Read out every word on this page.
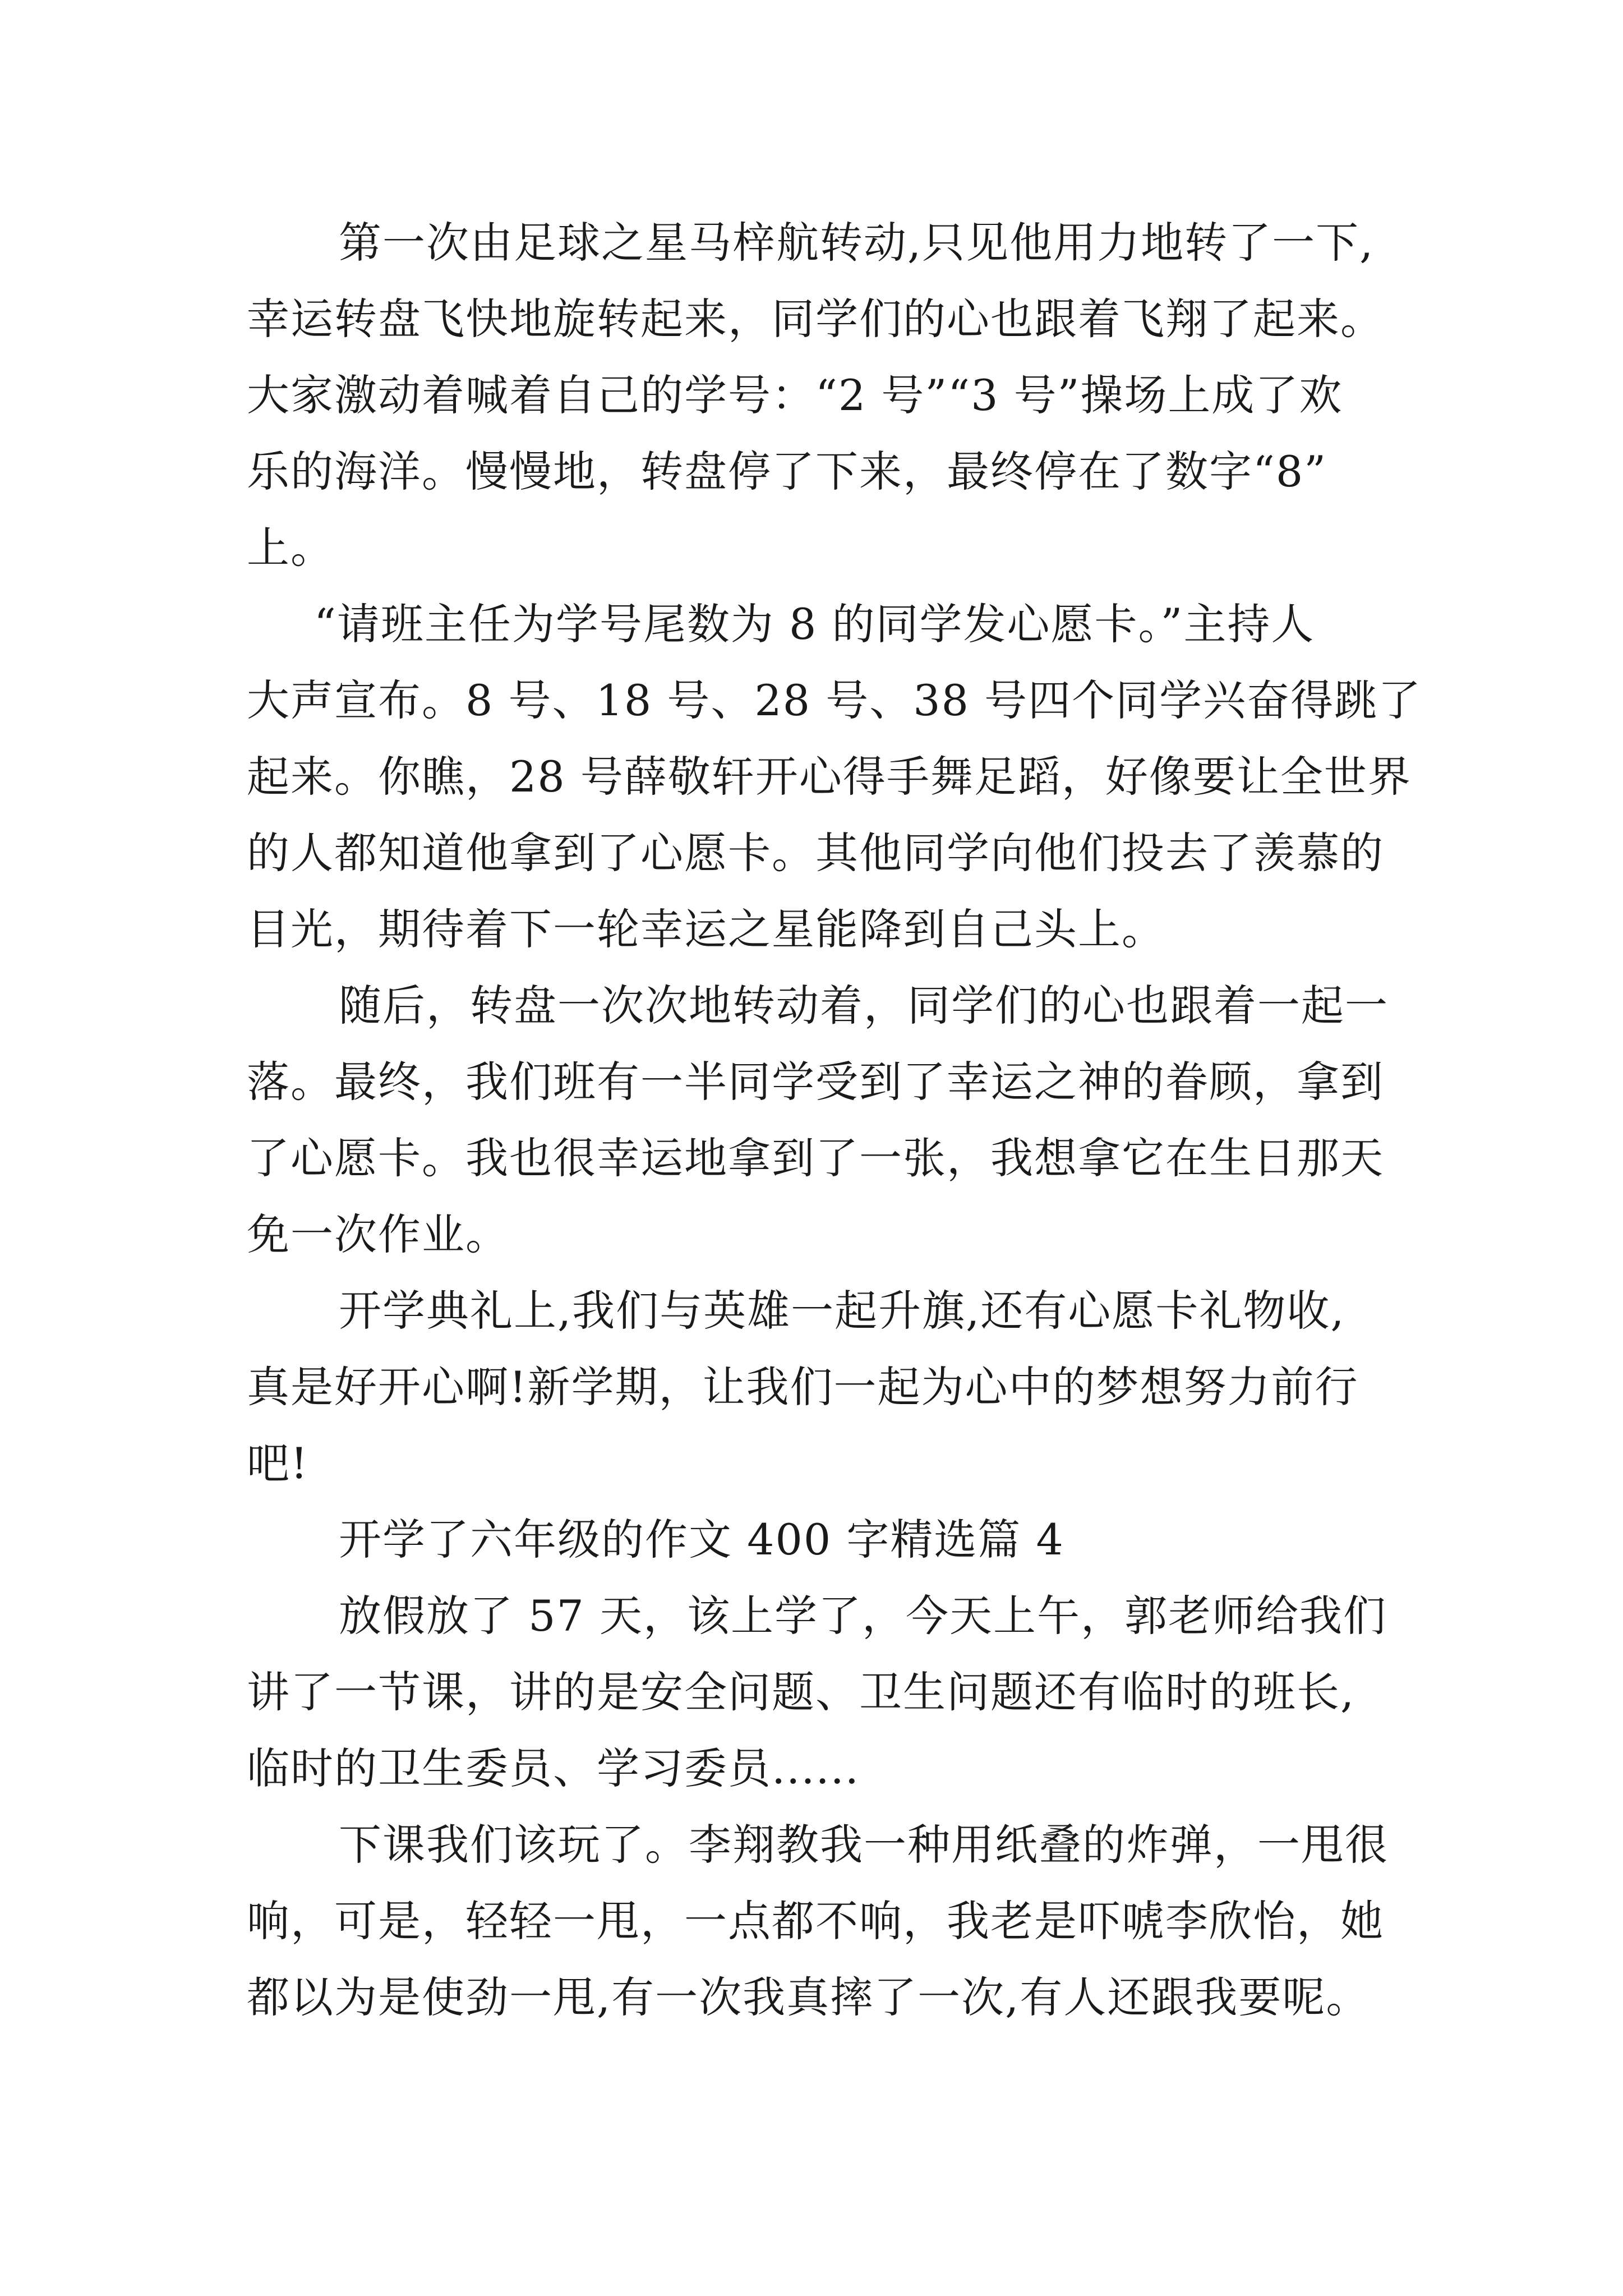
第一次由足球之星马梓航转动,只见他用力地转了一下,
幸运转盘飞快地旋转起来，同学们的心也跟着飞翔了起来。
大家激动着喊着自己的学号：“2 号”“3 号”操场上成了欢
乐的海洋。慢慢地，转盘停了下来，最终停在了数字“8”
上。

“请班主任为学号尾数为 8 的同学发心愿卡。”主持人
大声宣布。8 号、18 号、28 号、38 号四个同学兴奋得跳了
起来。你瞧，28 号薛敬轩开心得手舞足蹈，好像要让全世界
的人都知道他拿到了心愿卡。其他同学向他们投去了羡慕的
目光，期待着下一轮幸运之星能降到自己头上。

随后，转盘一次次地转动着，同学们的心也跟着一起一
落。最终，我们班有一半同学受到了幸运之神的眷顾，拿到
了心愿卡。我也很幸运地拿到了一张，我想拿它在生日那天
免一次作业。

开学典礼上,我们与英雄一起升旗,还有心愿卡礼物收,
真是好开心啊!新学期，让我们一起为心中的梦想努力前行
吧!

开学了六年级的作文 400 字精选篇 4

放假放了 57 天，该上学了，今天上午，郭老师给我们
讲了一节课，讲的是安全问题、卫生问题还有临时的班长,
临时的卫生委员、学习委员......

下课我们该玩了。李翔教我一种用纸叠的炸弹，一甩很
响，可是，轻轻一甩，一点都不响，我老是吓唬李欣怡，她
都以为是使劲一甩,有一次我真摔了一次,有人还跟我要呢。
